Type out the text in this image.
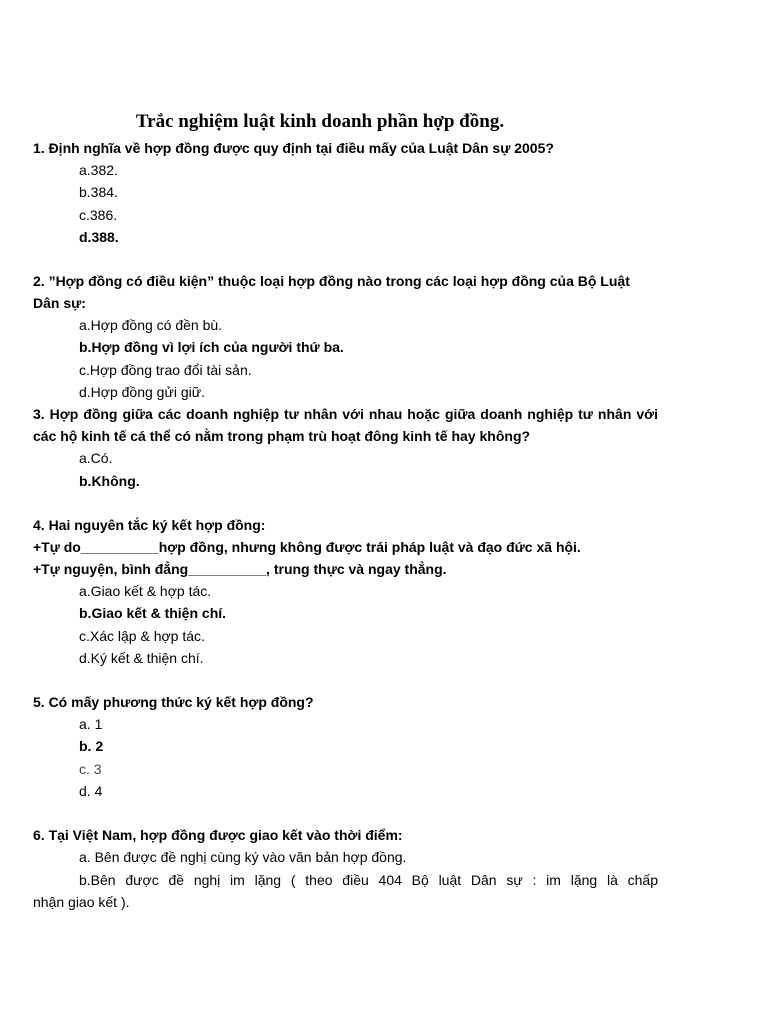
Trắc nghiệm luật kinh doanh phần hợp đồng.

1. Định nghĩa về hợp đồng được quy định tại điều mấy của Luật Dân sự 2005?

a.382.

b.384.

c.386.

d.388.

2. ”Hợp đồng có điều kiện” thuộc loại hợp đồng nào trong các loại hợp đồng của Bộ Luật Dân sự:

a.Hợp đồng có đền bù.

b.Hợp đồng vì lợi ích của người thứ ba.

c.Hợp đồng trao đổi tài sản.

d.Hợp đồng gửi giữ.

3. Hợp đồng giữa các doanh nghiệp tư nhân với nhau hoặc giữa doanh nghiệp tư nhân với các hộ kinh tế cá thể có nằm trong phạm trù hoạt đông kinh tế hay không?

a.Có.

b.Không.

4. Hai nguyên tắc ký kết hợp đồng:

+Tự do__________hợp đồng, nhưng không được trái pháp luật và đạo đức xã hội.

+Tự nguyện, bình đẳng__________, trung thực và ngay thẳng.

a.Giao kết & hợp tác.

b.Giao kết & thiện chí.

c.Xác lập & hợp tác.

d.Ký kết & thiện chí.

5. Có mấy phương thức ký kết hợp đồng?

a. 1

b. 2

c. 3

d. 4

6. Tại Việt Nam, hợp đồng được giao kết vào thời điểm:

a. Bên được đề nghị cùng ký vào văn bản hợp đồng.

b.Bên được đề nghị im lặng ( theo điều 404 Bộ luật Dân sự : im lặng là chấp

nhận giao kết ).
